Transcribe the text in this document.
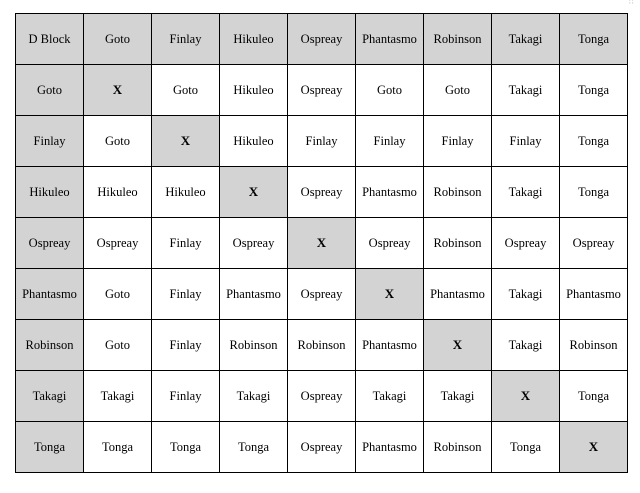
∷
D Block	Goto	Finlay	Hikuleo	Ospreay	Phantasmo	Robinson	Takagi	Tonga
Goto	X	Goto	Hikuleo	Ospreay	Goto	Goto	Takagi	Tonga
Finlay	Goto	X	Hikuleo	Finlay	Finlay	Finlay	Finlay	Tonga
Hikuleo	Hikuleo	Hikuleo	X	Ospreay	Phantasmo	Robinson	Takagi	Tonga
Ospreay	Ospreay	Finlay	Ospreay	X	Ospreay	Robinson	Ospreay	Ospreay
Phantasmo	Goto	Finlay	Phantasmo	Ospreay	X	Phantasmo	Takagi	Phantasmo
Robinson	Goto	Finlay	Robinson	Robinson	Phantasmo	X	Takagi	Robinson
Takagi	Takagi	Finlay	Takagi	Ospreay	Takagi	Takagi	X	Tonga
Tonga	Tonga	Tonga	Tonga	Ospreay	Phantasmo	Robinson	Tonga	X
